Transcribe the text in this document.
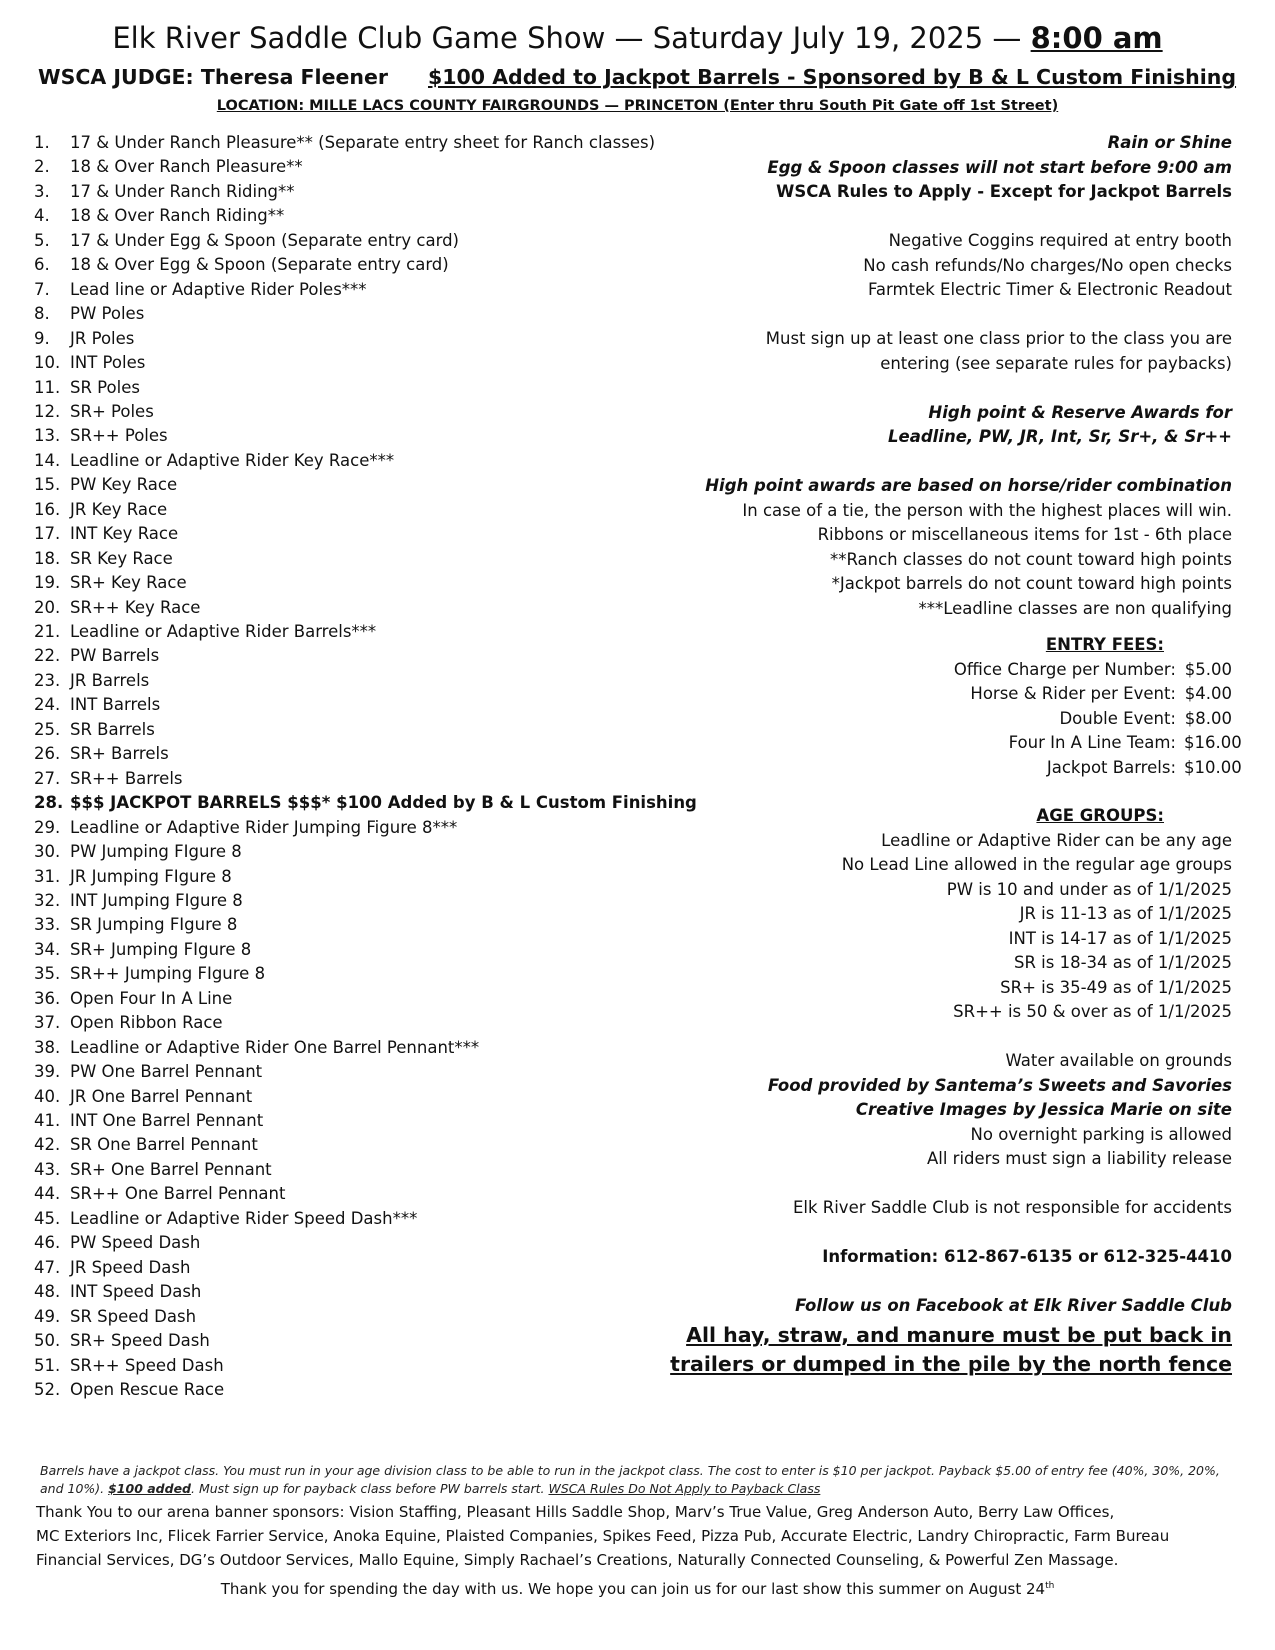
Elk River Saddle Club Game Show — Saturday July 19, 2025 — 8:00 am
WSCA JUDGE: Theresa Fleener $100 Added to Jackpot Barrels - Sponsored by B & L Custom Finishing
LOCATION: MILLE LACS COUNTY FAIRGROUNDS — PRINCETON (Enter thru South Pit Gate off 1st Street)
1. 17 & Under Ranch Pleasure** (Separate entry sheet for Ranch classes)
2. 18 & Over Ranch Pleasure**
3. 17 & Under Ranch Riding**
4. 18 & Over Ranch Riding**
5. 17 & Under Egg & Spoon (Separate entry card)
6. 18 & Over Egg & Spoon (Separate entry card)
7. Lead line or Adaptive Rider Poles***
8. PW Poles
9. JR Poles
10. INT Poles
11. SR Poles
12. SR+ Poles
13. SR++ Poles
14. Leadline or Adaptive Rider Key Race***
15. PW Key Race
16. JR Key Race
17. INT Key Race
18. SR Key Race
19. SR+ Key Race
20. SR++ Key Race
21. Leadline or Adaptive Rider Barrels***
22. PW Barrels
23. JR Barrels
24. INT Barrels
25. SR Barrels
26. SR+ Barrels
27. SR++ Barrels
28. $$$ JACKPOT BARRELS $$$* $100 Added by B & L Custom Finishing
29. Leadline or Adaptive Rider Jumping Figure 8***
30. PW Jumping FIgure 8
31. JR Jumping FIgure 8
32. INT Jumping FIgure 8
33. SR Jumping FIgure 8
34. SR+ Jumping FIgure 8
35. SR++ Jumping FIgure 8
36. Open Four In A Line
37. Open Ribbon Race
38. Leadline or Adaptive Rider One Barrel Pennant***
39. PW One Barrel Pennant
40. JR One Barrel Pennant
41. INT One Barrel Pennant
42. SR One Barrel Pennant
43. SR+ One Barrel Pennant
44. SR++ One Barrel Pennant
45. Leadline or Adaptive Rider Speed Dash***
46. PW Speed Dash
47. JR Speed Dash
48. INT Speed Dash
49. SR Speed Dash
50. SR+ Speed Dash
51. SR++ Speed Dash
52. Open Rescue Race
Rain or Shine
Egg & Spoon classes will not start before 9:00 am
WSCA Rules to Apply - Except for Jackpot Barrels
Negative Coggins required at entry booth
No cash refunds/No charges/No open checks
Farmtek Electric Timer & Electronic Readout
Must sign up at least one class prior to the class you are
entering (see separate rules for paybacks)
High point & Reserve Awards for
Leadline, PW, JR, Int, Sr, Sr+, & Sr++
High point awards are based on horse/rider combination
In case of a tie, the person with the highest places will win.
Ribbons or miscellaneous items for 1st - 6th place
**Ranch classes do not count toward high points
*Jackpot barrels do not count toward high points
***Leadline classes are non qualifying
ENTRY FEES:
Office Charge per Number: $5.00
Horse & Rider per Event: $4.00
Double Event: $8.00
Four In A Line Team: $16.00
Jackpot Barrels: $10.00
AGE GROUPS:
Leadline or Adaptive Rider can be any age
No Lead Line allowed in the regular age groups
PW is 10 and under as of 1/1/2025
JR is 11-13 as of 1/1/2025
INT is 14-17 as of 1/1/2025
SR is 18-34 as of 1/1/2025
SR+ is 35-49 as of 1/1/2025
SR++ is 50 & over as of 1/1/2025
Water available on grounds
Food provided by Santema’s Sweets and Savories
Creative Images by Jessica Marie on site
No overnight parking is allowed
All riders must sign a liability release
Elk River Saddle Club is not responsible for accidents
Information: 612-867-6135 or 612-325-4410
Follow us on Facebook at Elk River Saddle Club
All hay, straw, and manure must be put back in
trailers or dumped in the pile by the north fence
Barrels have a jackpot class. You must run in your age division class to be able to run in the jackpot class. The cost to enter is $10 per jackpot. Payback $5.00 of entry fee (40%, 30%, 20%, and 10%). $100 added. Must sign up for payback class before PW barrels start. WSCA Rules Do Not Apply to Payback Class
Thank You to our arena banner sponsors: Vision Staffing, Pleasant Hills Saddle Shop, Marv’s True Value, Greg Anderson Auto, Berry Law Offices,
MC Exteriors Inc, Flicek Farrier Service, Anoka Equine, Plaisted Companies, Spikes Feed, Pizza Pub, Accurate Electric, Landry Chiropractic, Farm Bureau
Financial Services, DG’s Outdoor Services, Mallo Equine, Simply Rachael’s Creations, Naturally Connected Counseling, & Powerful Zen Massage.
Thank you for spending the day with us. We hope you can join us for our last show this summer on August 24th
